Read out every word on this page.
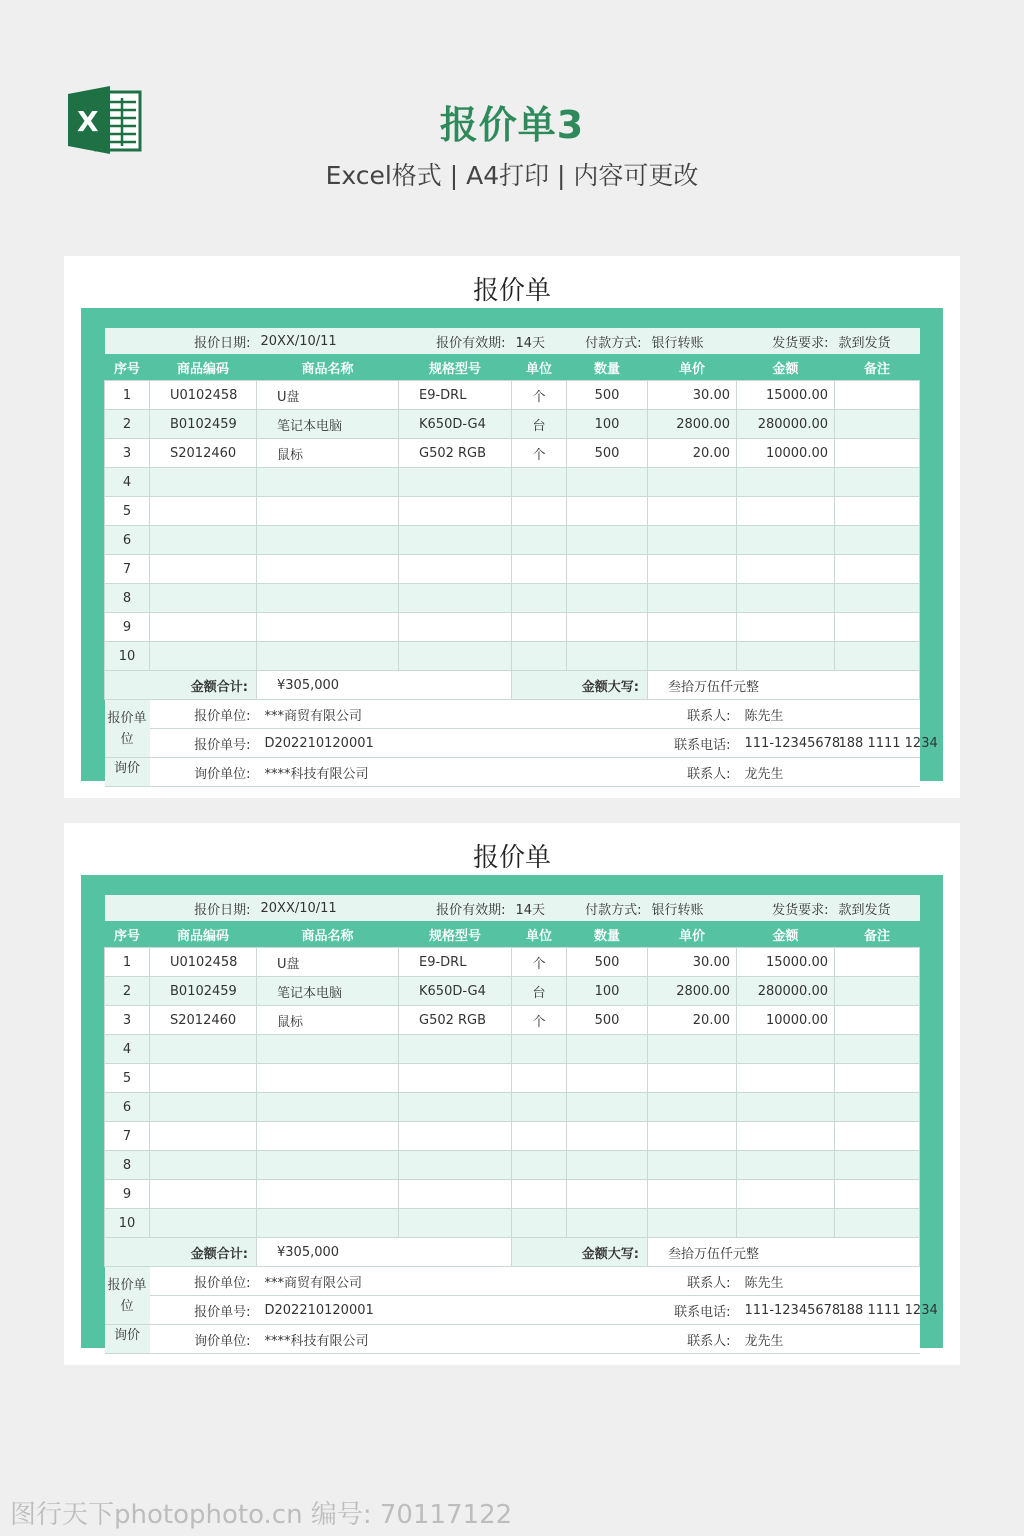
X	报价单3
Excel格式 | A4打印 | 内容可更改
报价单
	报价日期:	20XX/10/11	报价有效期:	14天	付款方式:	银行转账	发货要求:	款到发货
序号	商品编码	商品名称	规格型号	单位	数量	单价	金额	备注
1	U0102458	U盘	E9-DRL	个	500	30.00	15000.00	
2	B0102459	笔记本电脑	K650D-G4	台	100	2800.00	280000.00	
3	S2012460	鼠标	G502 RGB	个	500	20.00	10000.00	
4								
5								
6								
7								
8								
9								
10								
金额合计:		¥305,000		金额大写:		叁拾万伍仟元整		
报价单位	报价单位:	***商贸有限公司			联系人:		陈先生	
	报价单号:	D202210120001			联系电话:		111-12345678	188 1111 1234
询价	询价单位:	****科技有限公司			联系人:		龙先生	
报价单
	报价日期:	20XX/10/11	报价有效期:	14天	付款方式:	银行转账	发货要求:	款到发货
序号	商品编码	商品名称	规格型号	单位	数量	单价	金额	备注
1	U0102458	U盘	E9-DRL	个	500	30.00	15000.00	
2	B0102459	笔记本电脑	K650D-G4	台	100	2800.00	280000.00	
3	S2012460	鼠标	G502 RGB	个	500	20.00	10000.00	
4								
5								
6								
7								
8								
9								
10								
金额合计:		¥305,000		金额大写:		叁拾万伍仟元整		
报价单位	报价单位:	***商贸有限公司			联系人:		陈先生	
	报价单号:	D202210120001			联系电话:		111-12345678	188 1111 1234
询价	询价单位:	****科技有限公司			联系人:		龙先生	
图行天下photophoto.cn 编号: 70117122
